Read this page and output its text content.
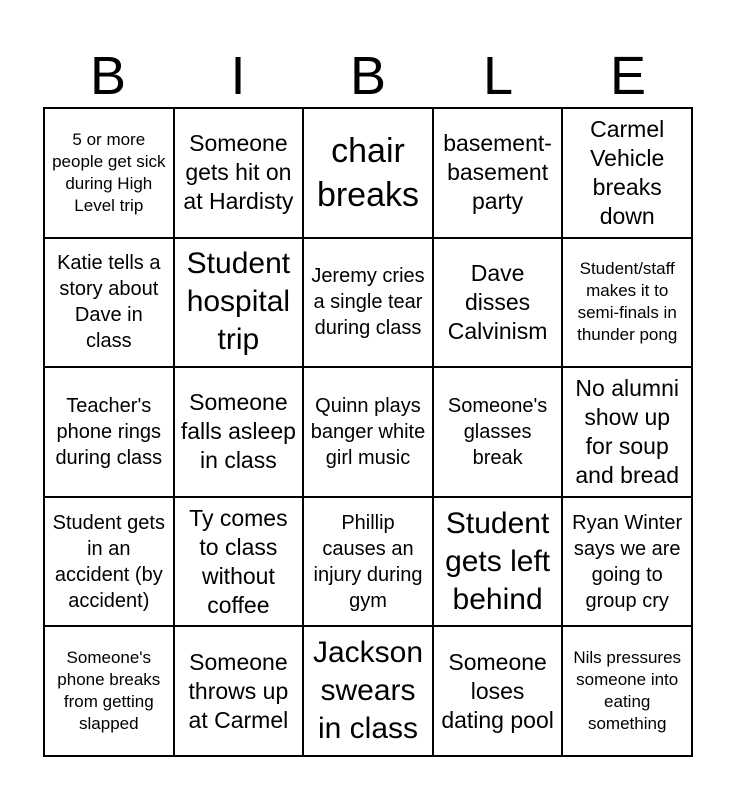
B	I	B	L	E
5 or more people get sick during High Level trip
Someone gets hit on at Hardisty
chair breaks
basement-basement party
Carmel Vehicle breaks down
Katie tells a story about Dave in class
Student hospital trip
Jeremy cries a single tear during class
Dave disses Calvinism
Student/staff makes it to semi-finals in thunder pong
Teacher's phone rings during class
Someone falls asleep in class
Quinn plays banger white girl music
Someone's glasses break
No alumni show up for soup and bread
Student gets in an accident (by accident)
Ty comes to class without coffee
Phillip causes an injury during gym
Student gets left behind
Ryan Winter says we are going to group cry
Someone's phone breaks from getting slapped
Someone throws up at Carmel
Jackson swears in class
Someone loses dating pool
Nils pressures someone into eating something
